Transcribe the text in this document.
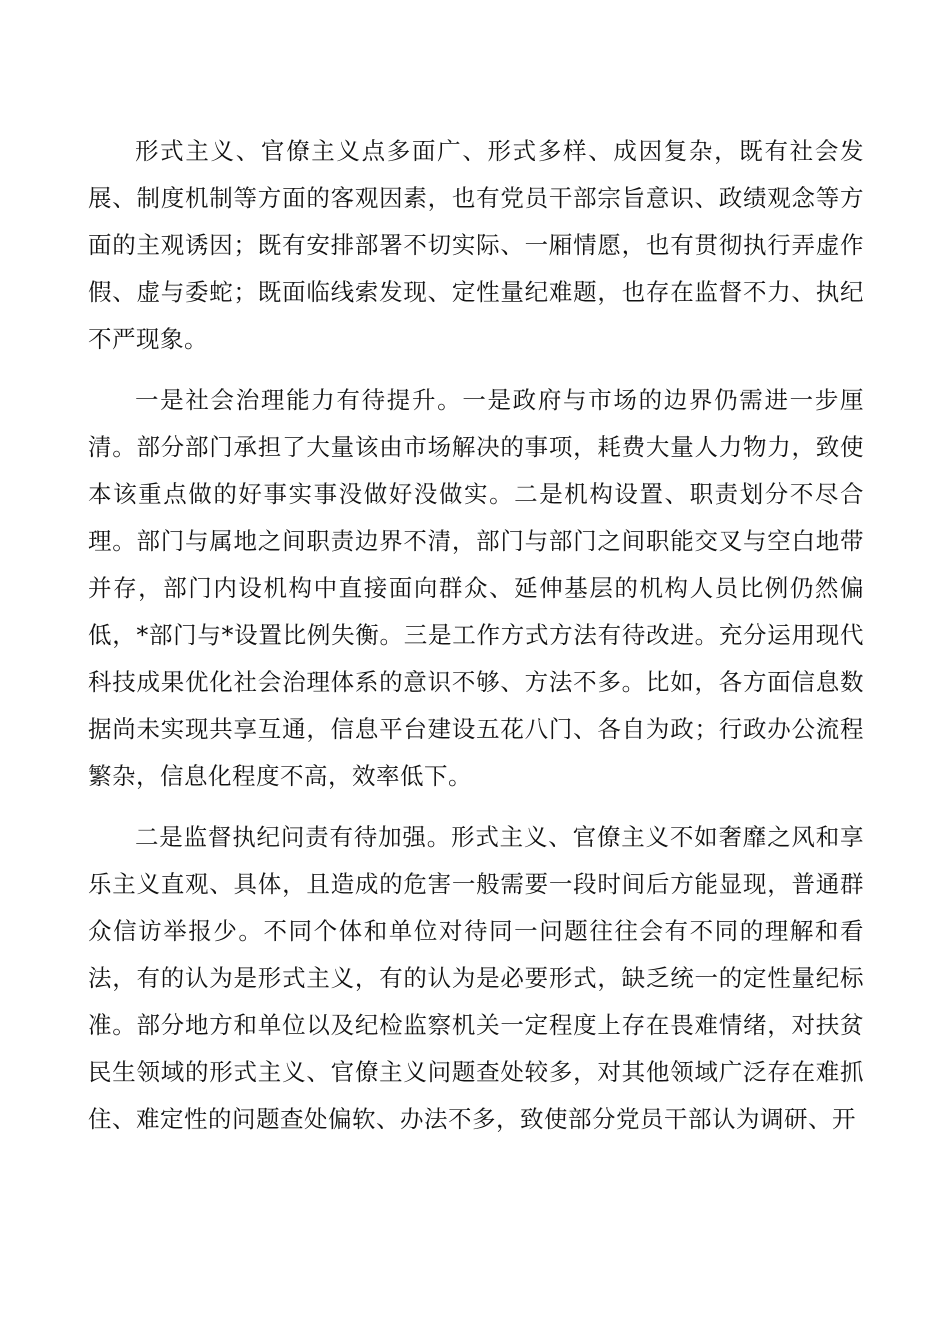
形式主义、官僚主义点多面广、形式多样、成因复杂，既有社会发展、制度机制等方面的客观因素，也有党员干部宗旨意识、政绩观念等方面的主观诱因；既有安排部署不切实际、一厢情愿，也有贯彻执行弄虚作假、虚与委蛇；既面临线索发现、定性量纪难题，也存在监督不力、执纪不严现象。

一是社会治理能力有待提升。一是政府与市场的边界仍需进一步厘清。部分部门承担了大量该由市场解决的事项，耗费大量人力物力，致使本该重点做的好事实事没做好没做实。二是机构设置、职责划分不尽合理。部门与属地之间职责边界不清，部门与部门之间职能交叉与空白地带并存，部门内设机构中直接面向群众、延伸基层的机构人员比例仍然偏低，*部门与*设置比例失衡。三是工作方式方法有待改进。充分运用现代科技成果优化社会治理体系的意识不够、方法不多。比如，各方面信息数据尚未实现共享互通，信息平台建设五花八门、各自为政；行政办公流程繁杂，信息化程度不高，效率低下。

二是监督执纪问责有待加强。形式主义、官僚主义不如奢靡之风和享乐主义直观、具体，且造成的危害一般需要一段时间后方能显现，普通群众信访举报少。不同个体和单位对待同一问题往往会有不同的理解和看法，有的认为是形式主义，有的认为是必要形式，缺乏统一的定性量纪标准。部分地方和单位以及纪检监察机关一定程度上存在畏难情绪，对扶贫民生领域的形式主义、官僚主义问题查处较多，对其他领域广泛存在难抓住、难定性的问题查处偏软、办法不多，致使部分党员干部认为调研、开
